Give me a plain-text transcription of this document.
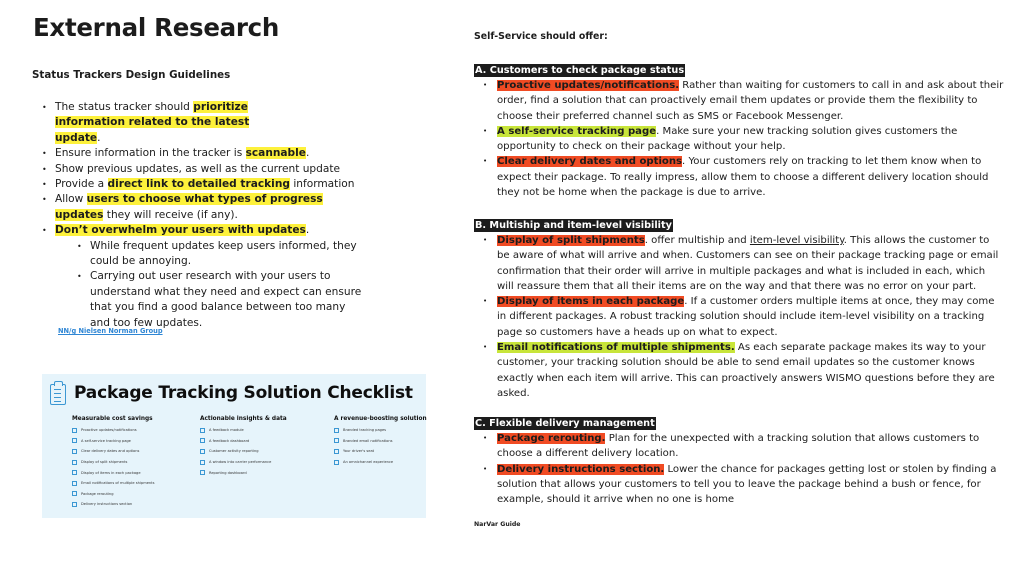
External Research
Status Trackers Design Guidelines
• The status tracker should prioritize information related to the latest update.
• Ensure information in the tracker is scannable.
• Show previous updates, as well as the current update
• Provide a direct link to detailed tracking information
• Allow users to choose what types of progress updates they will receive (if any).
• Don’t overwhelm your users with updates.
• While frequent updates keep users informed, they could be annoying.
• Carrying out user research with your users to understand what they need and expect can ensure that you find a good balance between too many and too few updates.
NN/g Nielsen Norman Group
Package Tracking Solution Checklist
Measurable cost savings
Proactive updates/notifications
A self-service tracking page
Clear delivery dates and options
Display of split shipments
Display of items in each package
Email notifications of multiple shipments
Package rerouting
Delivery instructions section
Actionable insights & data
A feedback module
A feedback dashboard
Customer activity reporting
A window into carrier performance
Reporting dashboard
A revenue-boosting solution
Branded tracking pages
Branded email notifications
Your driver's seat
An omnichannel experience
Self-Service should offer:
A. Customers to check package status
• Proactive updates/notifications. Rather than waiting for customers to call in and ask about their order, find a solution that can proactively email them updates or provide them the flexibility to choose their preferred channel such as SMS or Facebook Messenger.
• A self-service tracking page. Make sure your new tracking solution gives customers the opportunity to check on their package without your help.
• Clear delivery dates and options. Your customers rely on tracking to let them know when to expect their package. To really impress, allow them to choose a different delivery location should they not be home when the package is due to arrive.
B. Multiship and item-level visibility
• Display of split shipments. offer multiship and item-level visibility. This allows the customer to be aware of what will arrive and when. Customers can see on their package tracking page or email confirmation that their order will arrive in multiple packages and what is included in each, which will reassure them that all their items are on the way and that there was no error on your part.
• Display of items in each package. If a customer orders multiple items at once, they may come in different packages. A robust tracking solution should include item-level visibility on a tracking page so customers have a heads up on what to expect.
• Email notifications of multiple shipments. As each separate package makes its way to your customer, your tracking solution should be able to send email updates so the customer knows exactly when each item will arrive. This can proactively answers WISMO questions before they are asked.
C. Flexible delivery management
• Package rerouting. Plan for the unexpected with a tracking solution that allows customers to choose a different delivery location.
• Delivery instructions section. Lower the chance for packages getting lost or stolen by finding a solution that allows your customers to tell you to leave the package behind a bush or fence, for example, should it arrive when no one is home
NarVar Guide
